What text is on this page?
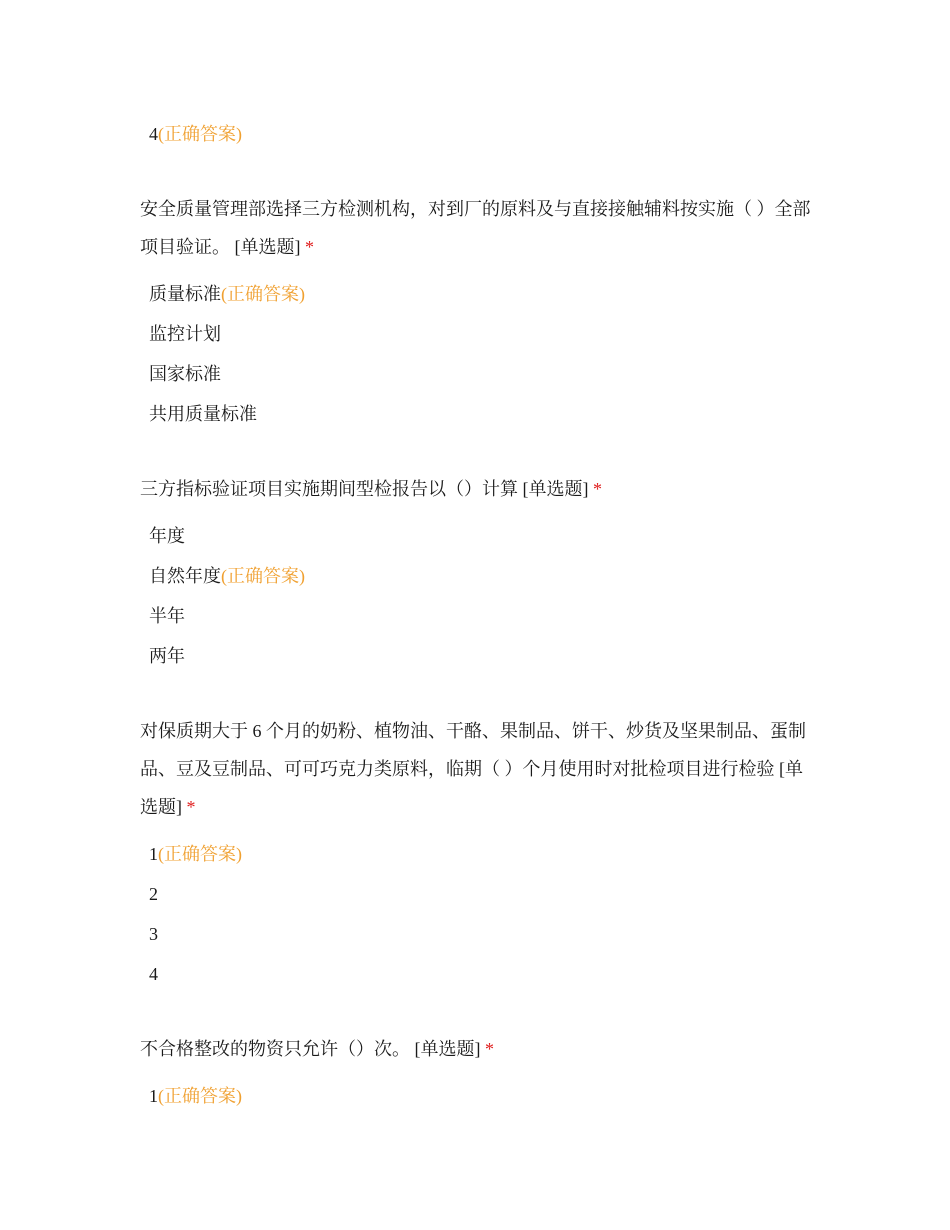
4(正确答案)

安全质量管理部选择三方检测机构，对到厂的原料及与直接接触辅料按实施（ ）全部项目验证。 [单选题] *

质量标准(正确答案)
监控计划
国家标准
共用质量标准

三方指标验证项目实施期间型检报告以（）计算 [单选题] *

年度
自然年度(正确答案)
半年
两年

对保质期大于 6 个月的奶粉、植物油、干酪、果制品、饼干、炒货及坚果制品、蛋制品、豆及豆制品、可可巧克力类原料，临期（ ）个月使用时对批检项目进行检验 [单选题] *

1(正确答案)
2
3
4

不合格整改的物资只允许（）次。 [单选题] *

1(正确答案)
